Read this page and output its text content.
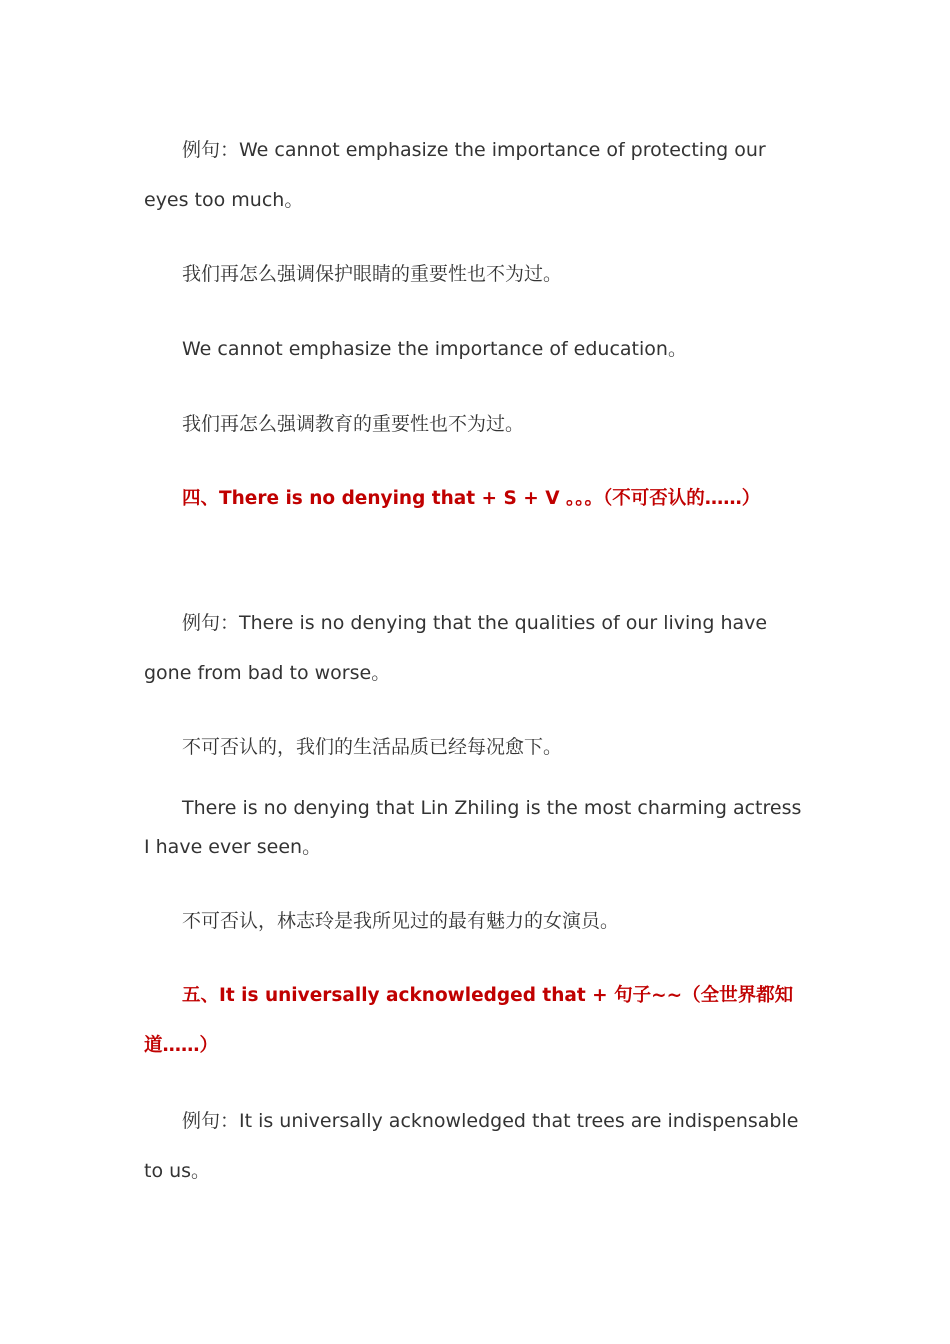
例句：We cannot emphasize the importance of protecting our eyes too much。

我们再怎么强调保护眼睛的重要性也不为过。

We cannot emphasize the importance of education。

我们再怎么强调教育的重要性也不为过。

四、There is no denying that + S + V 。。。（不可否认的……）

例句：There is no denying that the qualities of our living have gone from bad to worse。

不可否认的，我们的生活品质已经每况愈下。

There is no denying that Lin Zhiling is the most charming actress I have ever seen。

不可否认，林志玲是我所见过的最有魅力的女演员。

五、It is universally acknowledged that + 句子~~（全世界都知道……）

例句：It is universally acknowledged that trees are indispensable to us。
